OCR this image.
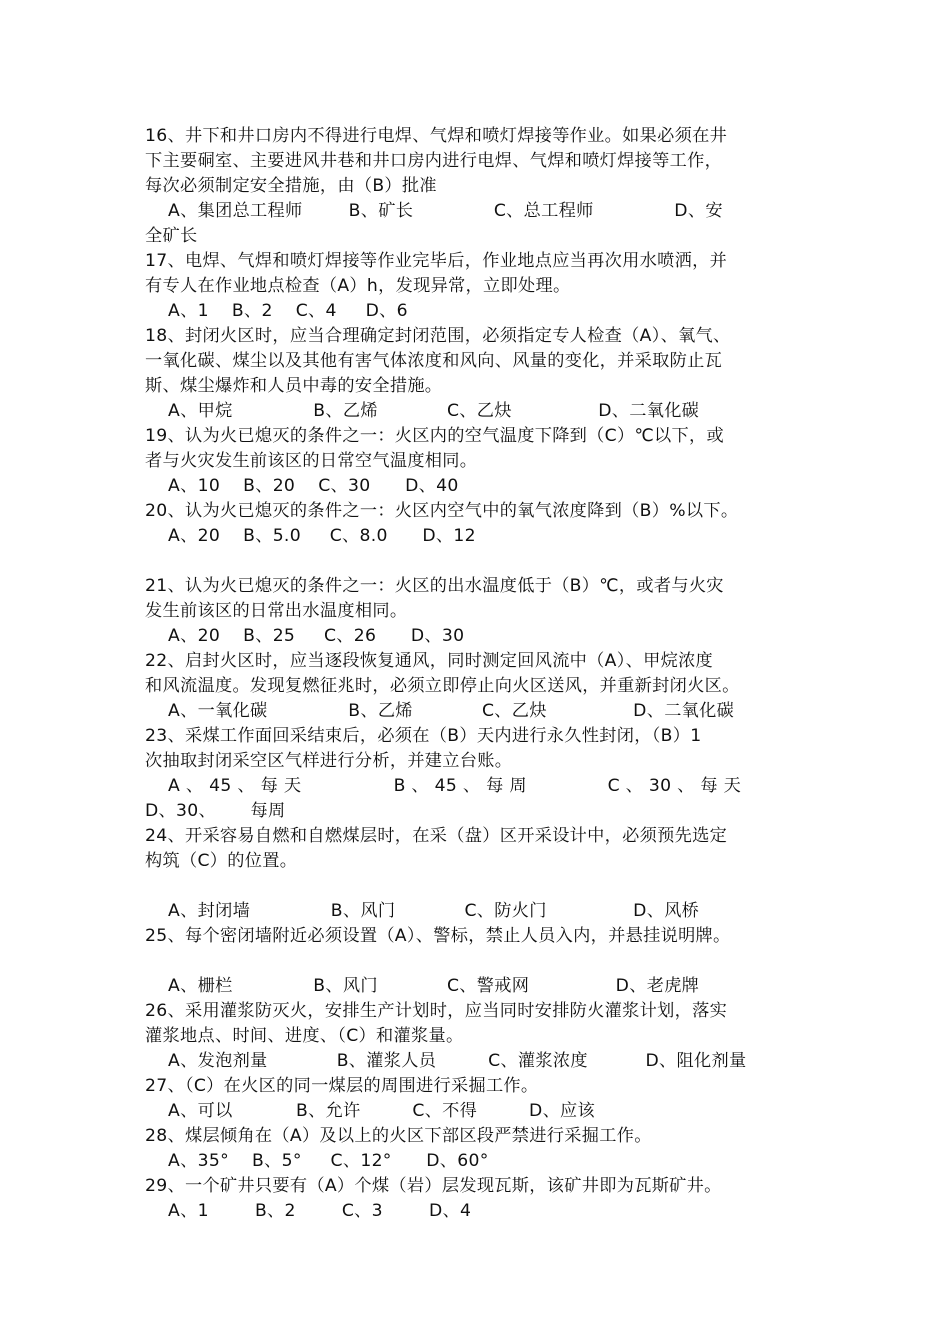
16、井下和井口房内不得进行电焊、气焊和喷灯焊接等作业。如果必须在井
下主要硐室、主要进风井巷和井口房内进行电焊、气焊和喷灯焊接等工作，
每次必须制定安全措施，由（B）批准
A、集团总工程师        B、矿长              C、总工程师              D、安
全矿长
17、电焊、气焊和喷灯焊接等作业完毕后，作业地点应当再次用水喷洒，并
有专人在作业地点检查（A）h，发现异常，立即处理。
A、1    B、2    C、4     D、6
18、封闭火区时，应当合理确定封闭范围，必须指定专人检查（A）、氧气、
一氧化碳、煤尘以及其他有害气体浓度和风向、风量的变化，并采取防止瓦
斯、煤尘爆炸和人员中毒的安全措施。
A、甲烷              B、乙烯            C、乙炔               D、二氧化碳
19、认为火已熄灭的条件之一：火区内的空气温度下降到（C）℃以下，或
者与火灾发生前该区的日常空气温度相同。
A、10    B、20    C、30      D、40
20、认为火已熄灭的条件之一：火区内空气中的氧气浓度降到（B）%以下。
A、20    B、5.0     C、8.0      D、12
21、认为火已熄灭的条件之一：火区的出水温度低于（B）℃，或者与火灾
发生前该区的日常出水温度相同。
A、20    B、25     C、26      D、30
22、启封火区时，应当逐段恢复通风，同时测定回风流中（A）、甲烷浓度
和风流温度。发现复燃征兆时，必须立即停止向火区送风，并重新封闭火区。
A、一氧化碳              B、乙烯            C、乙炔               D、二氧化碳
23、采煤工作面回采结束后，必须在（B）天内进行永久性封闭，（B）1
次抽取封闭采空区气样进行分析，并建立台账。
A 、 45 、 每 天                B 、 45 、 每 周              C 、 30 、 每 天
D、30、      每周
24、开采容易自燃和自燃煤层时，在采（盘）区开采设计中，必须预先选定
构筑（C）的位置。
A、封闭墙              B、风门            C、防火门               D、风桥
25、每个密闭墙附近必须设置（A）、警标，禁止人员入内，并悬挂说明牌。
A、栅栏              B、风门            C、警戒网               D、老虎牌
26、采用灌浆防灭火，安排生产计划时，应当同时安排防火灌浆计划，落实
灌浆地点、时间、进度、（C）和灌浆量。
A、发泡剂量            B、灌浆人员         C、灌浆浓度          D、阻化剂量
27、（C）在火区的同一煤层的周围进行采掘工作。
A、可以           B、允许         C、不得         D、应该
28、煤层倾角在（A）及以上的火区下部区段严禁进行采掘工作。
A、35°    B、5°     C、12°      D、60°
29、一个矿井只要有（A）个煤（岩）层发现瓦斯，该矿井即为瓦斯矿井。
A、1        B、2        C、3        D、4
